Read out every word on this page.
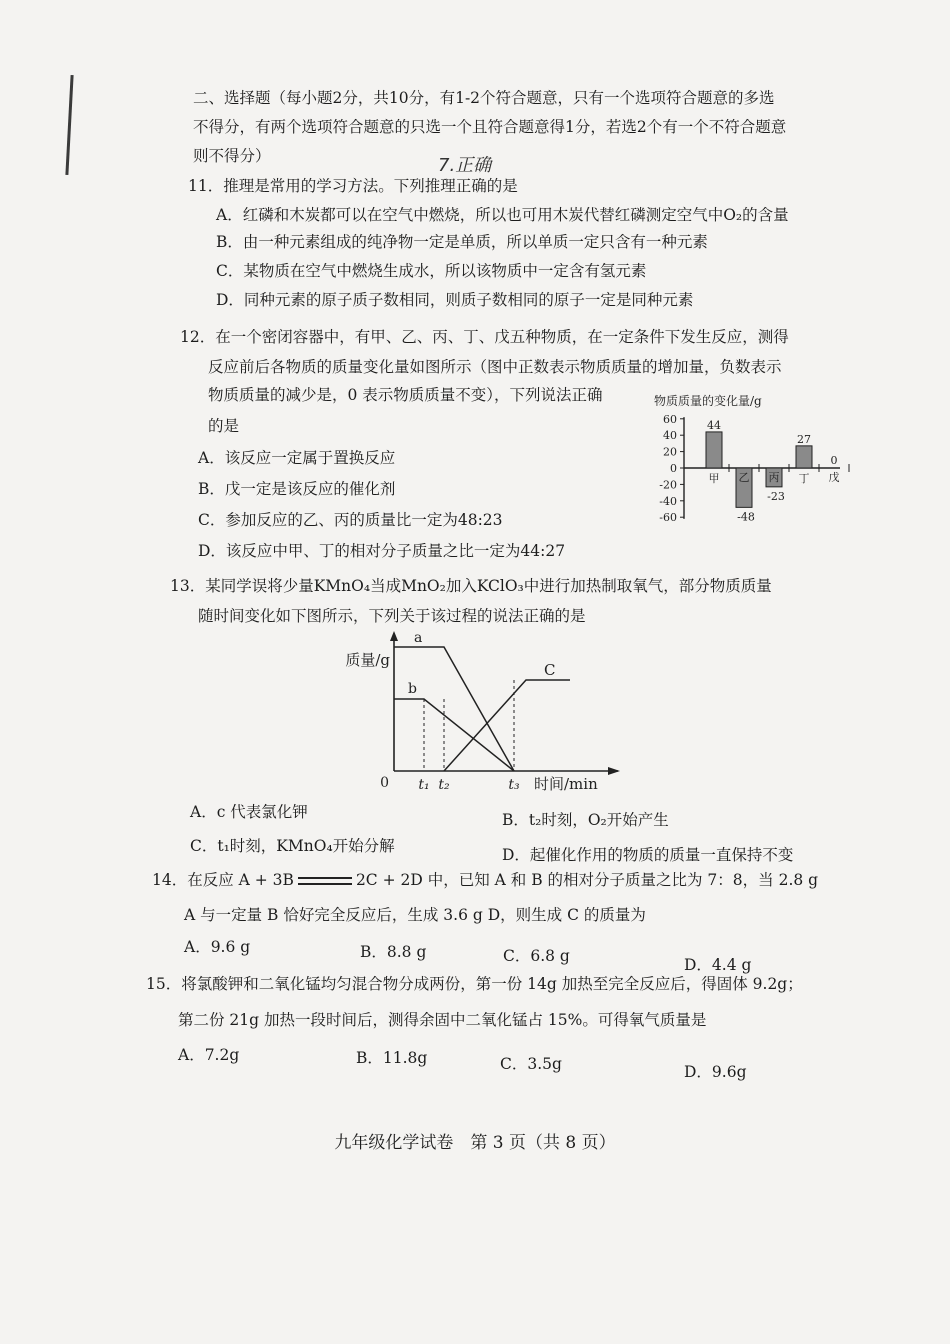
二、选择题（每小题2分，共10分，有1-2个符合题意，只有一个选项符合题意的多选
不得分，有两个选项符合题意的只选一个且符合题意得1分，若选2个有一个不符合题意
则不得分）	7.正确
11．推理是常用的学习方法。下列推理正确的是
A．红磷和木炭都可以在空气中燃烧，所以也可用木炭代替红磷测定空气中O₂的含量
B．由一种元素组成的纯净物一定是单质，所以单质一定只含有一种元素
C．某物质在空气中燃烧生成水，所以该物质中一定含有氢元素
D．同种元素的原子质子数相同，则质子数相同的原子一定是同种元素
12．在一个密闭容器中，有甲、乙、丙、丁、戊五种物质，在一定条件下发生反应，测得
反应前后各物质的质量变化量如图所示（图中正数表示物质质量的增加量，负数表示
物质质量的减少是，0 表示物质质量不变），下列说法正确
的是
A．该反应一定属于置换反应
B．戊一定是该反应的催化剂
C．参加反应的乙、丙的质量比一定为48:23
D．该反应中甲、丁的相对分子质量之比一定为44:27
物质质量的变化量/g
60
40
20
0
-20
-40
-60
44
甲
-48
乙
-23
丙
27
丁
0
戊
13．某同学误将少量KMnO₄当成MnO₂加入KClO₃中进行加热制取氧气，部分物质质量
随时间变化如下图所示，下列关于该过程的说法正确的是
质量/g
时间/min
0 t₁ t₂	t₃
a
b
C
A．c 代表氯化钾	B．t₂时刻，O₂开始产生
C．t₁时刻，KMnO₄开始分解	D．起催化作用的物质的质量一直保持不变
14．在反应 A + 3B	2C + 2D 中，已知 A 和 B 的相对分子质量之比为 7：8，当 2.8 g
A 与一定量 B 恰好完全反应后，生成 3.6 g D，则生成 C 的质量为
A．9.6 g	B．8.8 g	C．6.8 g	D．4.4 g
15．将氯酸钾和二氧化锰均匀混合物分成两份，第一份 14g 加热至完全反应后，得固体 9.2g；
第二份 21g 加热一段时间后，测得余固中二氧化锰占 15%。可得氧气质量是
A．7.2g	B．11.8g	C．3.5g	D．9.6g
九年级化学试卷　第 3 页（共 8 页）
